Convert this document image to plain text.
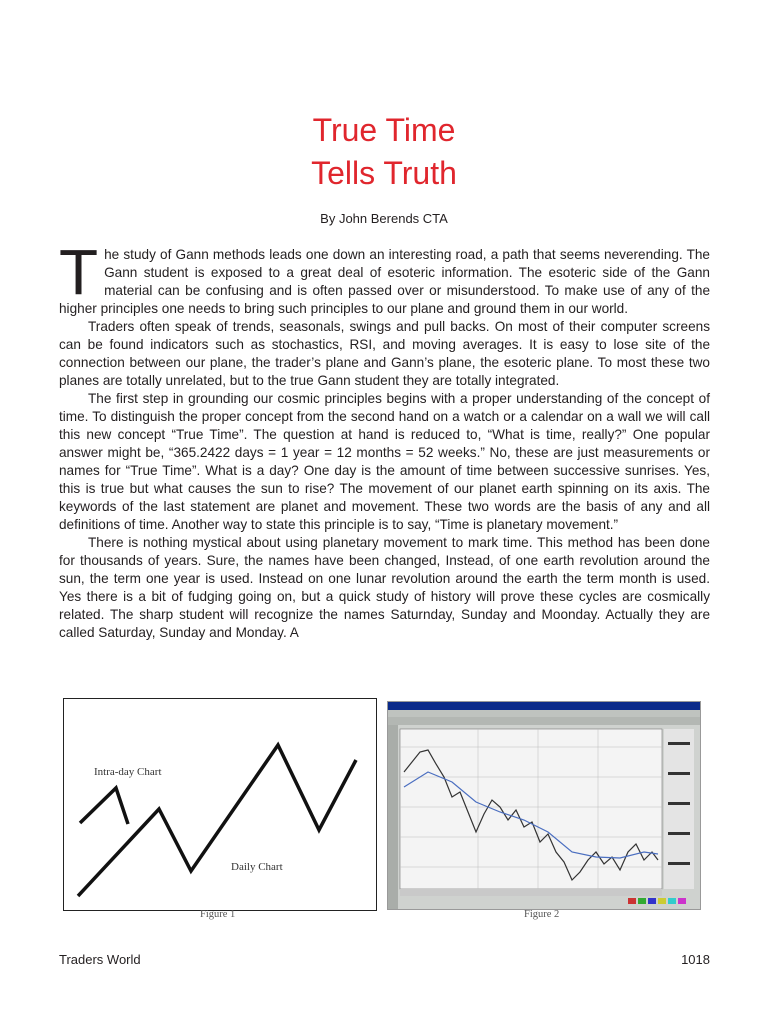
True Time
Tells Truth
By John Berends CTA

The study of Gann methods leads one down an interesting road, a path that seems neverending. The Gann student is exposed to a great deal of esoteric information. The esoteric side of the Gann material can be confusing and is often passed over or misunderstood. To make use of any of the higher principles one needs to bring such principles to our plane and ground them in our world.

Traders often speak of trends, seasonals, swings and pull backs. On most of their computer screens can be found indicators such as stochastics, RSI, and moving averages. It is easy to lose site of the connection between our plane, the trader’s plane and Gann’s plane, the esoteric plane. To most these two planes are totally unrelated, but to the true Gann student they are totally integrated.

The first step in grounding our cosmic principles begins with a proper understanding of the concept of time. To distinguish the proper concept from the second hand on a watch or a calendar on a wall we will call this new concept “True Time”. The question at hand is reduced to, “What is time, really?” One popular answer might be, “365.2422 days = 1 year = 12 months = 52 weeks.” No, these are just measurements or names for “True Time”. What is a day? One day is the amount of time between successive sunrises. Yes, this is true but what causes the sun to rise? The movement of our planet earth spinning on its axis. The keywords of the last statement are planet and movement. These two words are the basis of any and all definitions of time. Another way to state this principle is to say, “Time is planetary movement.”

There is nothing mystical about using planetary movement to mark time. This method has been done for thousands of years. Sure, the names have been changed, Instead, of one earth revolution around the sun, the term one year is used. Instead on one lunar revolution around the earth the term month is used. Yes there is a bit of fudging going on, but a quick study of history will prove these cycles are cosmically related. The sharp student will recognize the names Saturnday, Sunday and Moonday. Actually they are called Saturday, Sunday and Monday. A

Intra-day Chart
Daily Chart
Figure 1	Figure 2
Traders World	1018
